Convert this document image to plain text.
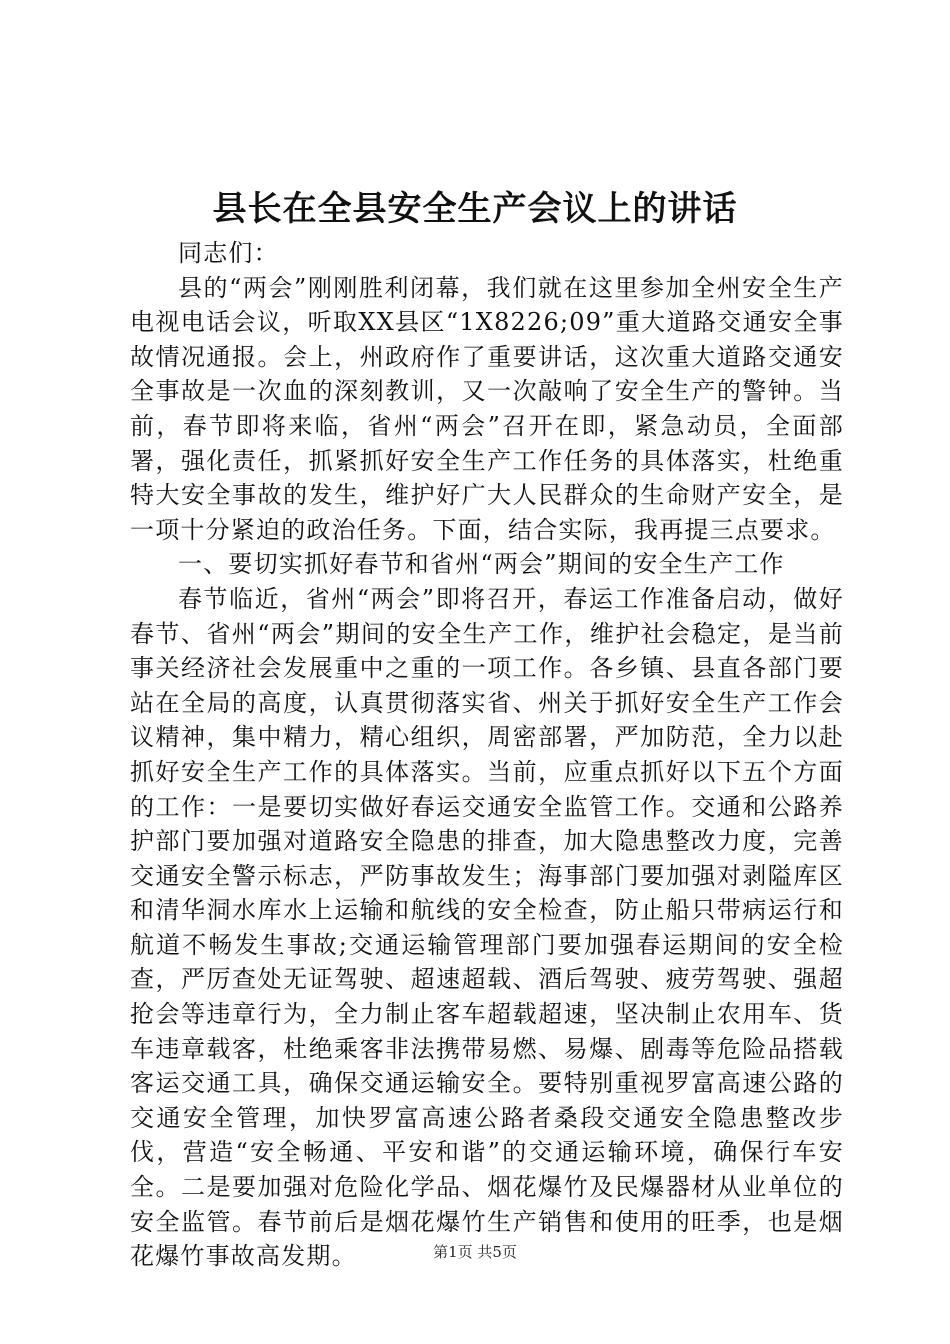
县长在全县安全生产会议上的讲话

同志们：

县的“两会”刚刚胜利闭幕，我们就在这里参加全州安全生产电视电话会议，听取XX县区“1X8226;09”重大道路交通安全事故情况通报。会上，州政府作了重要讲话，这次重大道路交通安全事故是一次血的深刻教训，又一次敲响了安全生产的警钟。当前，春节即将来临，省州“两会”召开在即，紧急动员，全面部署，强化责任，抓紧抓好安全生产工作任务的具体落实，杜绝重特大安全事故的发生，维护好广大人民群众的生命财产安全，是一项十分紧迫的政治任务。下面，结合实际，我再提三点要求。

一、要切实抓好春节和省州“两会”期间的安全生产工作

春节临近，省州“两会”即将召开，春运工作准备启动，做好春节、省州“两会”期间的安全生产工作，维护社会稳定，是当前事关经济社会发展重中之重的一项工作。各乡镇、县直各部门要站在全局的高度，认真贯彻落实省、州关于抓好安全生产工作会议精神，集中精力，精心组织，周密部署，严加防范，全力以赴抓好安全生产工作的具体落实。当前，应重点抓好以下五个方面的工作：一是要切实做好春运交通安全监管工作。交通和公路养护部门要加强对道路安全隐患的排查，加大隐患整改力度，完善交通安全警示标志，严防事故发生；海事部门要加强对剥隘库区和清华洞水库水上运输和航线的安全检查，防止船只带病运行和航道不畅发生事故;交通运输管理部门要加强春运期间的安全检查，严厉查处无证驾驶、超速超载、酒后驾驶、疲劳驾驶、强超抢会等违章行为，全力制止客车超载超速，坚决制止农用车、货车违章载客，杜绝乘客非法携带易燃、易爆、剧毒等危险品搭载客运交通工具，确保交通运输安全。要特别重视罗富高速公路的交通安全管理，加快罗富高速公路者桑段交通安全隐患整改步伐，营造“安全畅通、平安和谐”的交通运输环境，确保行车安全。二是要加强对危险化学品、烟花爆竹及民爆器材从业单位的安全监管。春节前后是烟花爆竹生产销售和使用的旺季，也是烟花爆竹事故高发期。	第1页 共5页
